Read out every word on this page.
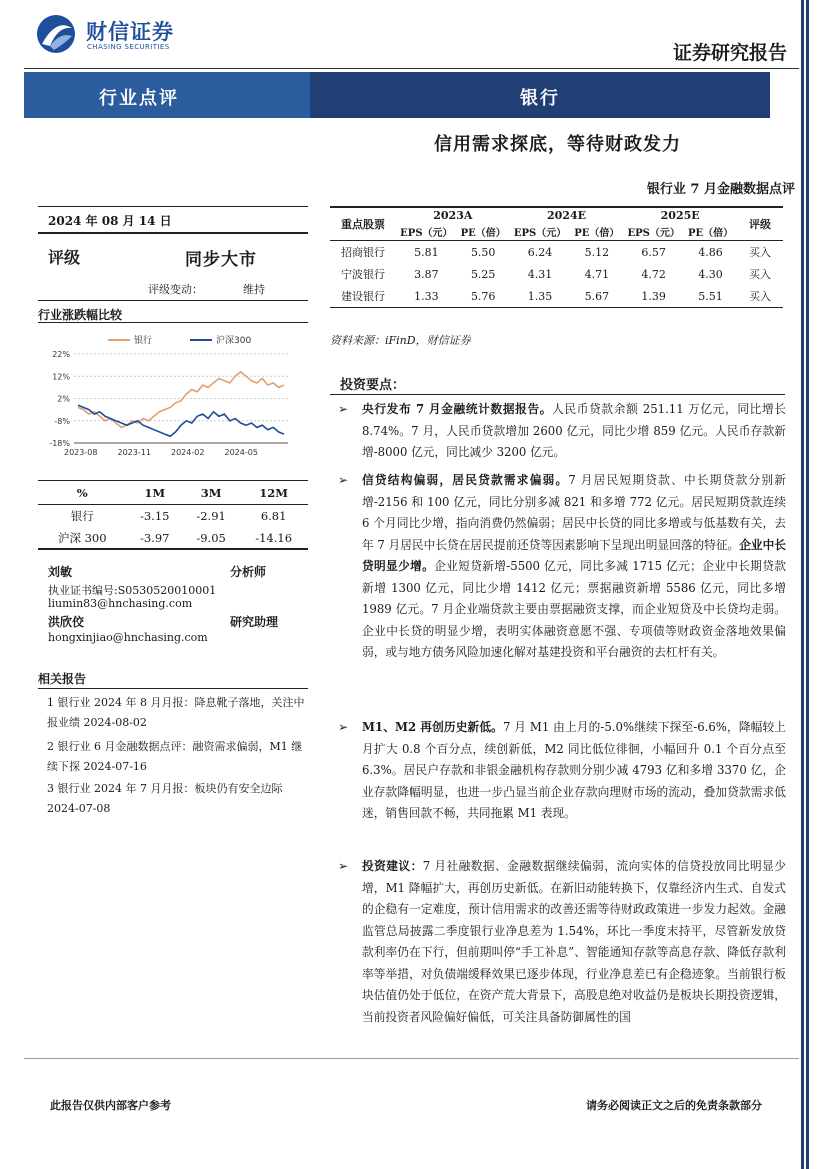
财信证券
CHASING SECURITIES	证券研究报告
行业点评	银行
信用需求探底，等待财政发力
银行业 7 月金融数据点评
2024 年 08 月 14 日
评级	同步大市
评级变动：	维持
行业涨跌幅比较
银行	沪深300
22%
12%
2%
-8%
-18%
2023-08	2023-11	2024-02	2024-05
%	1M	3M	12M
银行	-3.15	-2.91	6.81
沪深 300	-3.97	-9.05	-14.16
刘敏	分析师
执业证书编号:S0530520010001
liumin83@hnchasing.com
洪欣佼	研究助理
hongxinjiao@hnchasing.com
相关报告
1 银行业 2024 年 8 月月报：降息靴子落地，关注中报业绩 2024-08-02
2 银行业 6 月金融数据点评：融资需求偏弱，M1 继续下探 2024-07-16
3 银行业 2024 年 7 月月报：板块仍有安全边际 2024-07-08
重点股票	2023A		2024E		2025E		评级
	EPS（元）	PE（倍）	EPS（元）	PE（倍）	EPS（元）	PE（倍）	
招商银行	5.81	5.50	6.24	5.12	6.57	4.86	买入
宁波银行	3.87	5.25	4.31	4.71	4.72	4.30	买入
建设银行	1.33	5.76	1.35	5.67	1.39	5.51	买入
资料来源：iFinD，财信证券
投资要点：
➢ 央行发布 7 月金融统计数据报告。人民币贷款余额 251.11 万亿元，同比增长 8.74%。7 月，人民币贷款增加 2600 亿元，同比少增 859 亿元。人民币存款新增-8000 亿元，同比减少 3200 亿元。
➢ 信贷结构偏弱，居民贷款需求偏弱。7 月居民短期贷款、中长期贷款分别新增-2156 和 100 亿元，同比分别多减 821 和多增 772 亿元。居民短期贷款连续 6 个月同比少增，指向消费仍然偏弱；居民中长贷的同比多增或与低基数有关，去年 7 月居民中长贷在居民提前还贷等因素影响下呈现出明显回落的特征。企业中长贷明显少增。企业短贷新增-5500 亿元，同比多减 1715 亿元；企业中长期贷款新增 1300 亿元，同比少增 1412 亿元；票据融资新增 5586 亿元，同比多增 1989 亿元。7 月企业端贷款主要由票据融资支撑，而企业短贷及中长贷均走弱。企业中长贷的明显少增，表明实体融资意愿不强、专项债等财政资金落地效果偏弱，或与地方债务风险加速化解对基建投资和平台融资的去杠杆有关。
➢ M1、M2 再创历史新低。7 月 M1 由上月的-5.0%继续下探至-6.6%，降幅较上月扩大 0.8 个百分点，续创新低，M2 同比低位徘徊，小幅回升 0.1 个百分点至 6.3%。居民户存款和非银金融机构存款则分别少减 4793 亿和多增 3370 亿，企业存款降幅明显，也进一步凸显当前企业存款向理财市场的流动，叠加贷款需求低迷，销售回款不畅，共同拖累 M1 表现。
➢ 投资建议：7 月社融数据、金融数据继续偏弱，流向实体的信贷投放同比明显少增，M1 降幅扩大，再创历史新低。在新旧动能转换下，仅靠经济内生式、自发式的企稳有一定难度，预计信用需求的改善还需等待财政政策进一步发力起效。金融监管总局披露二季度银行业净息差为 1.54%，环比一季度末持平，尽管新发放贷款利率仍在下行，但前期叫停“手工补息”、智能通知存款等高息存款、降低存款利率等举措，对负债端缓释效果已逐步体现，行业净息差已有企稳迹象。当前银行板块估值仍处于低位，在资产荒大背景下，高股息绝对收益仍是板块长期投资逻辑，当前投资者风险偏好偏低，可关注具备防御属性的国
此报告仅供内部客户参考	请务必阅读正文之后的免责条款部分
